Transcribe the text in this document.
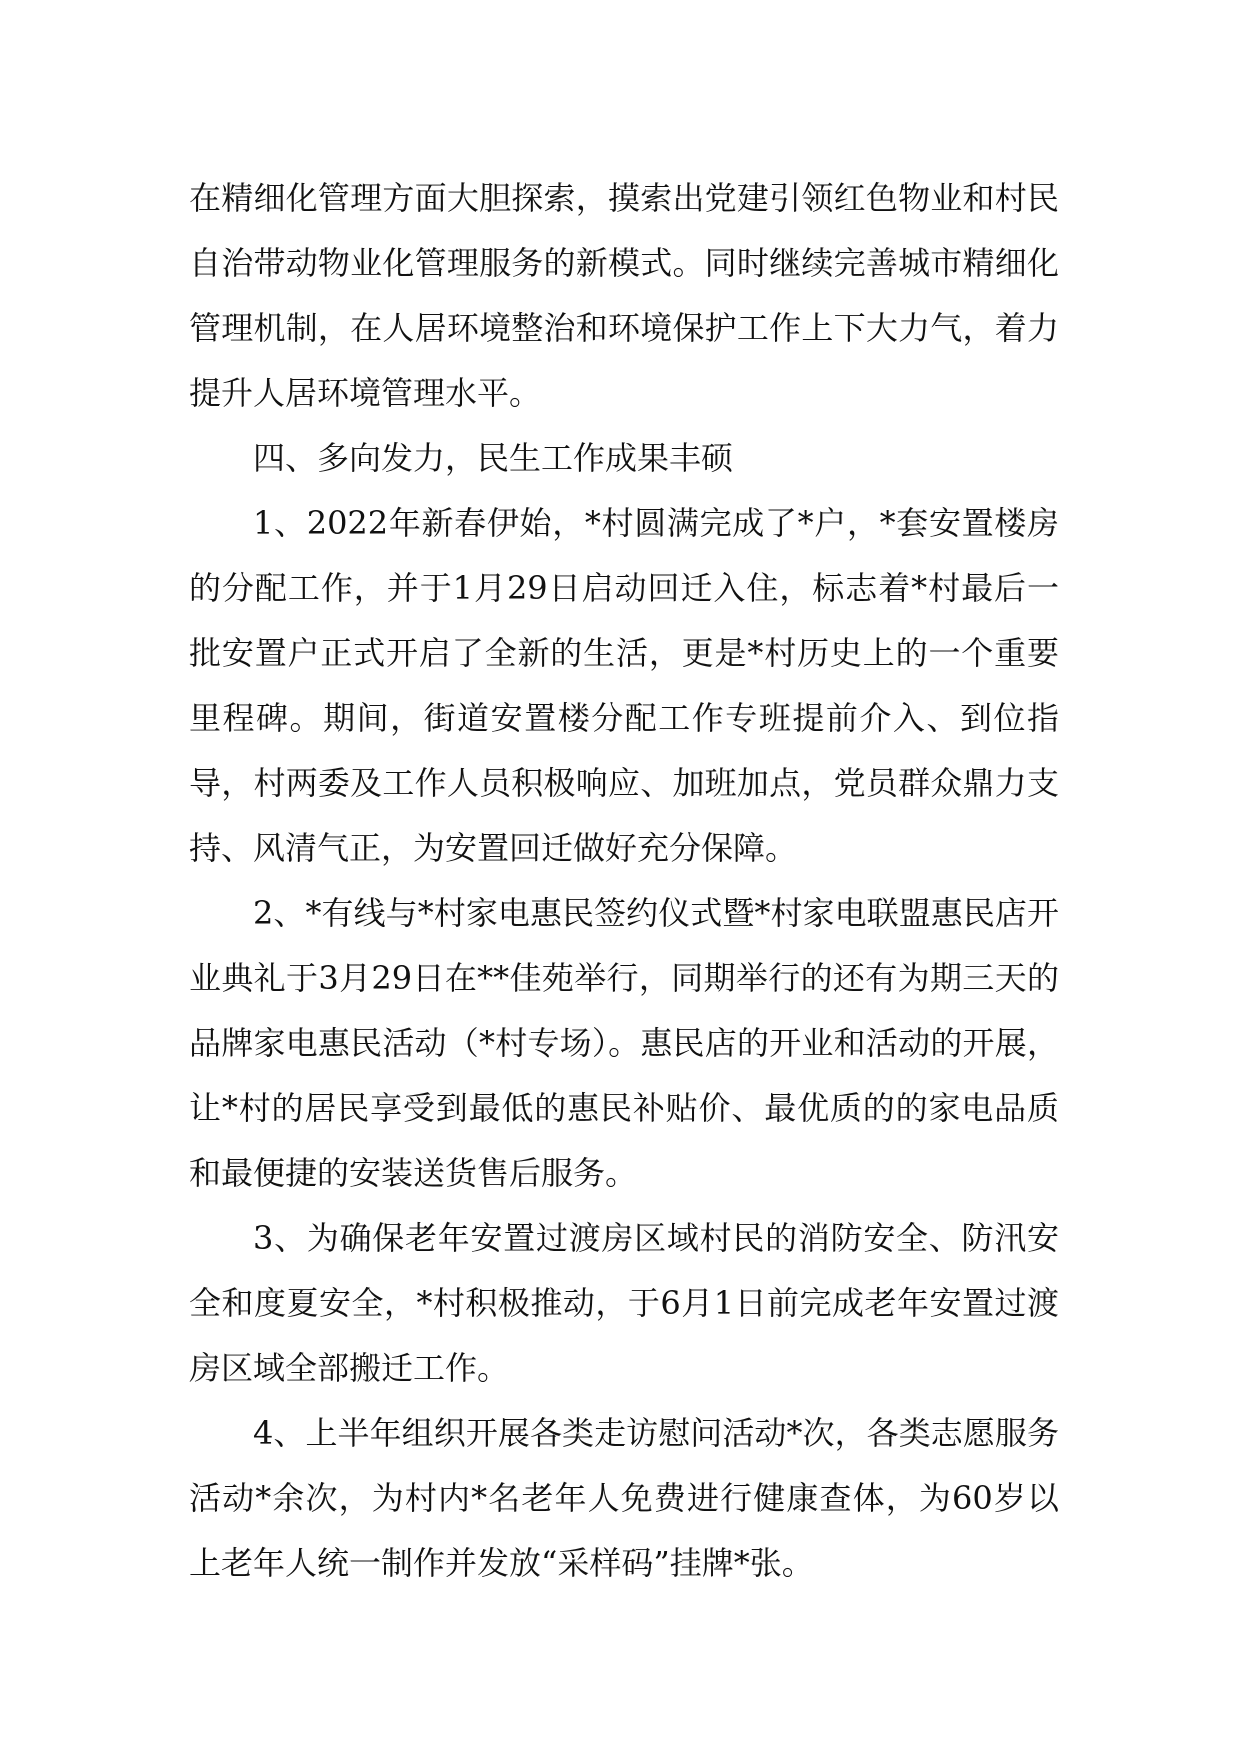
在精细化管理方面大胆探索，摸索出党建引领红色物业和村民自治带动物业化管理服务的新模式。同时继续完善城市精细化管理机制，在人居环境整治和环境保护工作上下大力气，着力提升人居环境管理水平。

四、多向发力，民生工作成果丰硕

1、2022年新春伊始，*村圆满完成了*户，*套安置楼房的分配工作，并于1月29日启动回迁入住，标志着*村最后一批安置户正式开启了全新的生活，更是*村历史上的一个重要里程碑。期间，街道安置楼分配工作专班提前介入、到位指导，村两委及工作人员积极响应、加班加点，党员群众鼎力支持、风清气正，为安置回迁做好充分保障。

2、*有线与*村家电惠民签约仪式暨*村家电联盟惠民店开业典礼于3月29日在**佳苑举行，同期举行的还有为期三天的品牌家电惠民活动（*村专场）。惠民店的开业和活动的开展，让*村的居民享受到最低的惠民补贴价、最优质的的家电品质和最便捷的安装送货售后服务。

3、为确保老年安置过渡房区域村民的消防安全、防汛安全和度夏安全，*村积极推动，于6月1日前完成老年安置过渡房区域全部搬迁工作。

4、上半年组织开展各类走访慰问活动*次，各类志愿服务活动*余次，为村内*名老年人免费进行健康查体，为60岁以上老年人统一制作并发放“采样码”挂牌*张。
